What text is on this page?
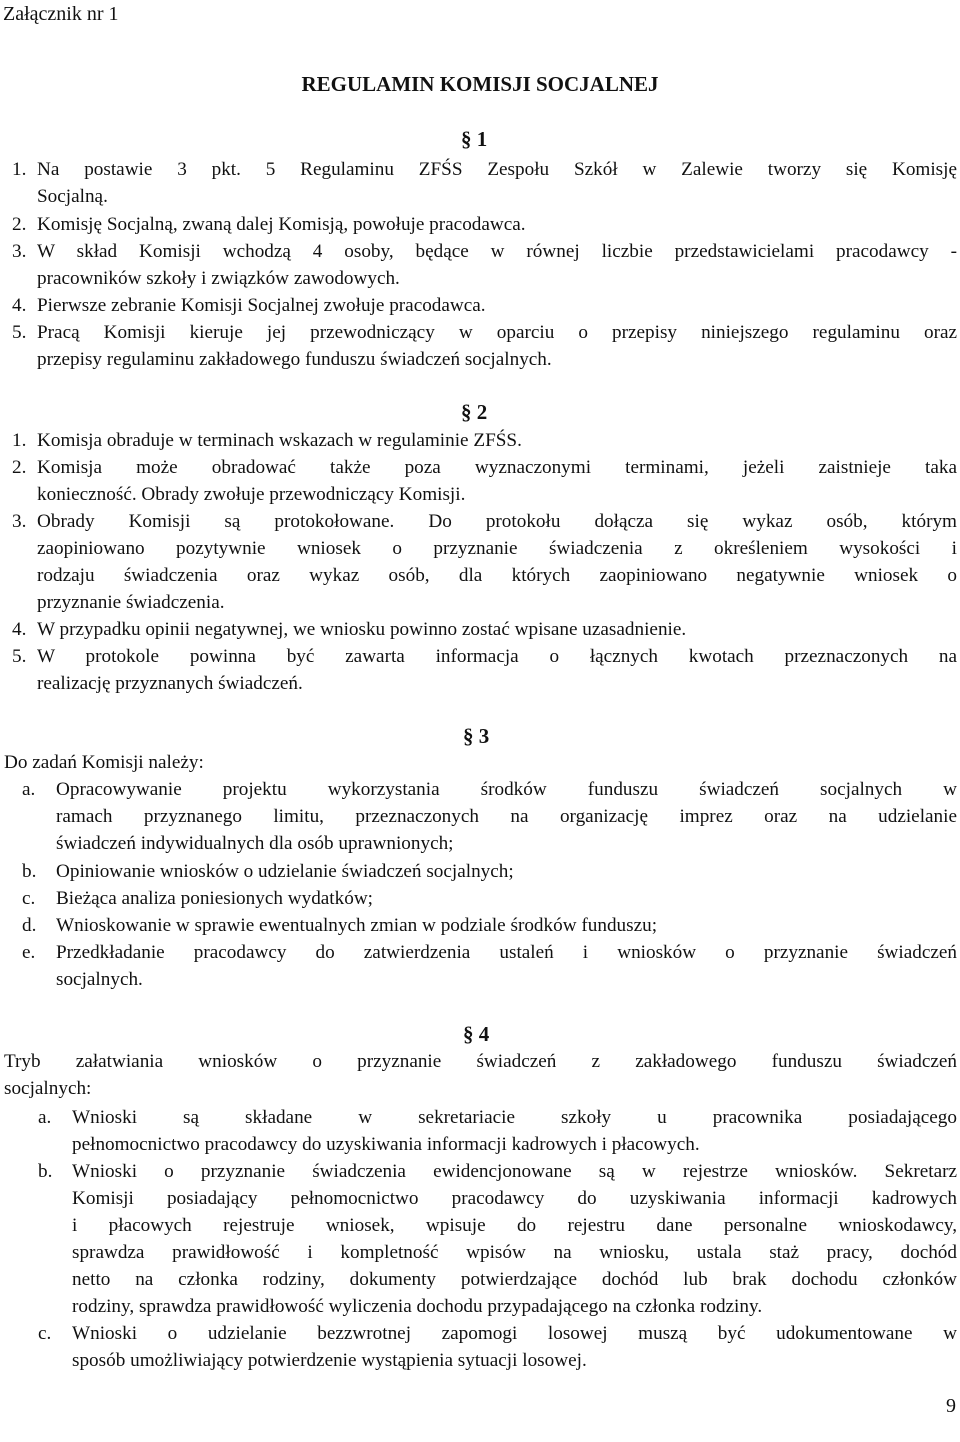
Załącznik nr 1
REGULAMIN KOMISJI SOCJALNEJ
§ 1
1. Na postawie 3 pkt. 5 Regulaminu ZFŚS Zespołu Szkół w Zalewie tworzy się Komisję
Socjalną.
2. Komisję Socjalną, zwaną dalej Komisją, powołuje pracodawca.
3. W skład Komisji wchodzą 4 osoby, będące w równej liczbie przedstawicielami pracodawcy -
pracowników szkoły i związków zawodowych.
4. Pierwsze zebranie Komisji Socjalnej zwołuje pracodawca.
5. Pracą Komisji kieruje jej przewodniczący w oparciu o przepisy niniejszego regulaminu oraz
przepisy regulaminu zakładowego funduszu świadczeń socjalnych.
§ 2
1. Komisja obraduje w terminach wskazach w regulaminie ZFŚS.
2. Komisja może obradować także poza wyznaczonymi terminami, jeżeli zaistnieje taka
konieczność. Obrady zwołuje przewodniczący Komisji.
3. Obrady Komisji są protokołowane. Do protokołu dołącza się wykaz osób, którym
zaopiniowano pozytywnie wniosek o przyznanie świadczenia z określeniem wysokości i
rodzaju świadczenia oraz wykaz osób, dla których zaopiniowano negatywnie wniosek o
przyznanie świadczenia.
4. W przypadku opinii negatywnej, we wniosku powinno zostać wpisane uzasadnienie.
5. W protokole powinna być zawarta informacja o łącznych kwotach przeznaczonych na
realizację przyznanych świadczeń.
§ 3
Do zadań Komisji należy:
a. Opracowywanie projektu wykorzystania środków funduszu świadczeń socjalnych w
ramach przyznanego limitu, przeznaczonych na organizację imprez oraz na udzielanie
świadczeń indywidualnych dla osób uprawnionych;
b. Opiniowanie wniosków o udzielanie świadczeń socjalnych;
c. Bieżąca analiza poniesionych wydatków;
d. Wnioskowanie w sprawie ewentualnych zmian w podziale środków funduszu;
e. Przedkładanie pracodawcy do zatwierdzenia ustaleń i wniosków o przyznanie świadczeń
socjalnych.
§ 4
Tryb załatwiania wniosków o przyznanie świadczeń z zakładowego funduszu świadczeń
socjalnych:
a. Wnioski są składane w sekretariacie szkoły u pracownika posiadającego
pełnomocnictwo pracodawcy do uzyskiwania informacji kadrowych i płacowych.
b. Wnioski o przyznanie świadczenia ewidencjonowane są w rejestrze wniosków. Sekretarz
Komisji posiadający pełnomocnictwo pracodawcy do uzyskiwania informacji kadrowych
i płacowych rejestruje wniosek, wpisuje do rejestru dane personalne wnioskodawcy,
sprawdza prawidłowość i kompletność wpisów na wniosku, ustala staż pracy, dochód
netto na członka rodziny, dokumenty potwierdzające dochód lub brak dochodu członków
rodziny, sprawdza prawidłowość wyliczenia dochodu przypadającego na członka rodziny.
c. Wnioski o udzielanie bezzwrotnej zapomogi losowej muszą być udokumentowane w
sposób umożliwiający potwierdzenie wystąpienia sytuacji losowej.
9
